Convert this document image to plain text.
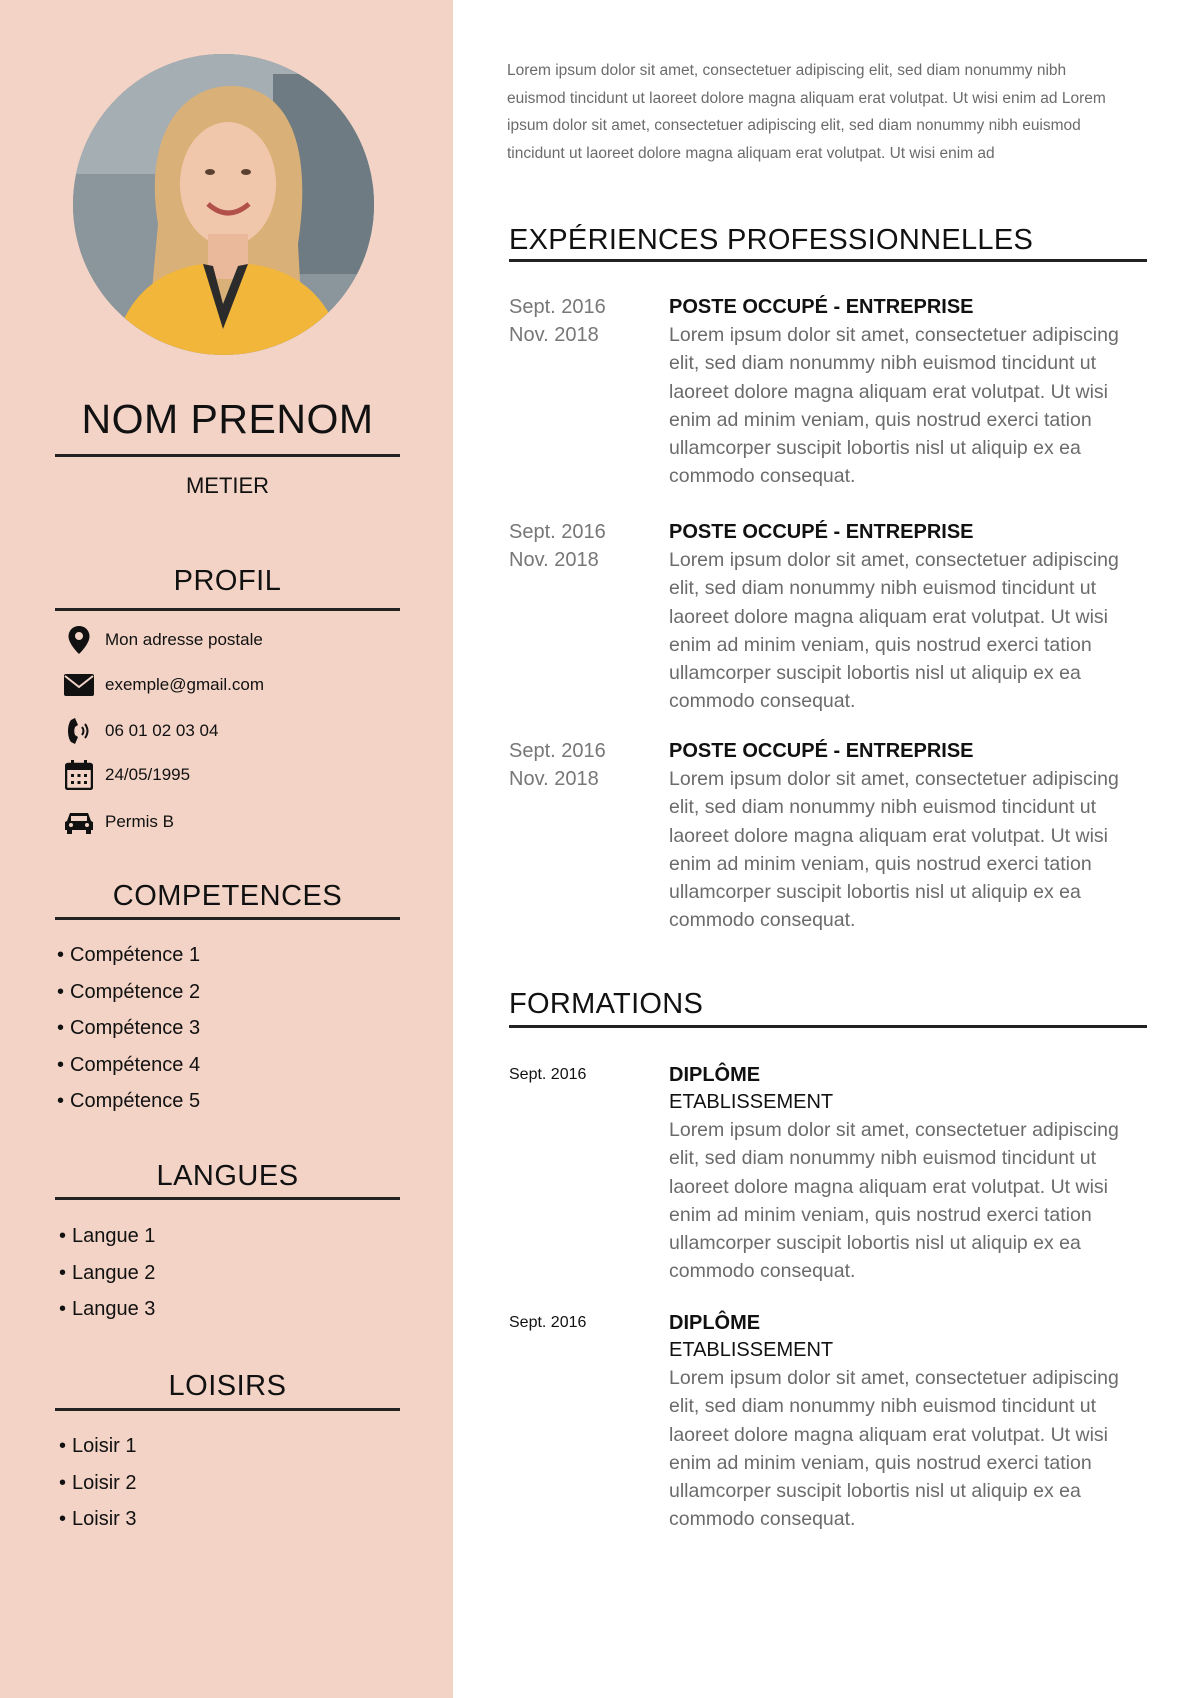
NOM PRENOM
METIER
PROFIL
Mon adresse postale
exemple@gmail.com
06 01 02 03 04
24/05/1995
Permis B
COMPETENCES
• Compétence 1
• Compétence 2
• Compétence 3
• Compétence 4
• Compétence 5
LANGUES
• Langue 1
• Langue 2
• Langue 3
LOISIRS
• Loisir 1
• Loisir 2
• Loisir 3
Lorem ipsum dolor sit amet, consectetuer adipiscing elit, sed diam nonummy nibh euismod tincidunt ut laoreet dolore magna aliquam erat volutpat. Ut wisi enim ad Lorem ipsum dolor sit amet, consectetuer adipiscing elit, sed diam nonummy nibh euismod tincidunt ut laoreet dolore magna aliquam erat volutpat. Ut wisi enim ad
EXPÉRIENCES PROFESSIONNELLES
Sept. 2016
Nov. 2018
POSTE OCCUPÉ - ENTREPRISE
Lorem ipsum dolor sit amet, consectetuer adipiscing elit, sed diam nonummy nibh euismod tincidunt ut laoreet dolore magna aliquam erat volutpat. Ut wisi enim ad minim veniam, quis nostrud exerci tation ullamcorper suscipit lobortis nisl ut aliquip ex ea commodo consequat.
Sept. 2016
Nov. 2018
POSTE OCCUPÉ - ENTREPRISE
Lorem ipsum dolor sit amet, consectetuer adipiscing elit, sed diam nonummy nibh euismod tincidunt ut laoreet dolore magna aliquam erat volutpat. Ut wisi enim ad minim veniam, quis nostrud exerci tation ullamcorper suscipit lobortis nisl ut aliquip ex ea commodo consequat.
Sept. 2016
Nov. 2018
POSTE OCCUPÉ - ENTREPRISE
Lorem ipsum dolor sit amet, consectetuer adipiscing elit, sed diam nonummy nibh euismod tincidunt ut laoreet dolore magna aliquam erat volutpat. Ut wisi enim ad minim veniam, quis nostrud exerci tation ullamcorper suscipit lobortis nisl ut aliquip ex ea commodo consequat.
FORMATIONS
Sept. 2016	DIPLÔME
ETABLISSEMENT
Lorem ipsum dolor sit amet, consectetuer adipiscing elit, sed diam nonummy nibh euismod tincidunt ut laoreet dolore magna aliquam erat volutpat. Ut wisi enim ad minim veniam, quis nostrud exerci tation ullamcorper suscipit lobortis nisl ut aliquip ex ea commodo consequat.
Sept. 2016	DIPLÔME
ETABLISSEMENT
Lorem ipsum dolor sit amet, consectetuer adipiscing elit, sed diam nonummy nibh euismod tincidunt ut laoreet dolore magna aliquam erat volutpat. Ut wisi enim ad minim veniam, quis nostrud exerci tation ullamcorper suscipit lobortis nisl ut aliquip ex ea commodo consequat.
